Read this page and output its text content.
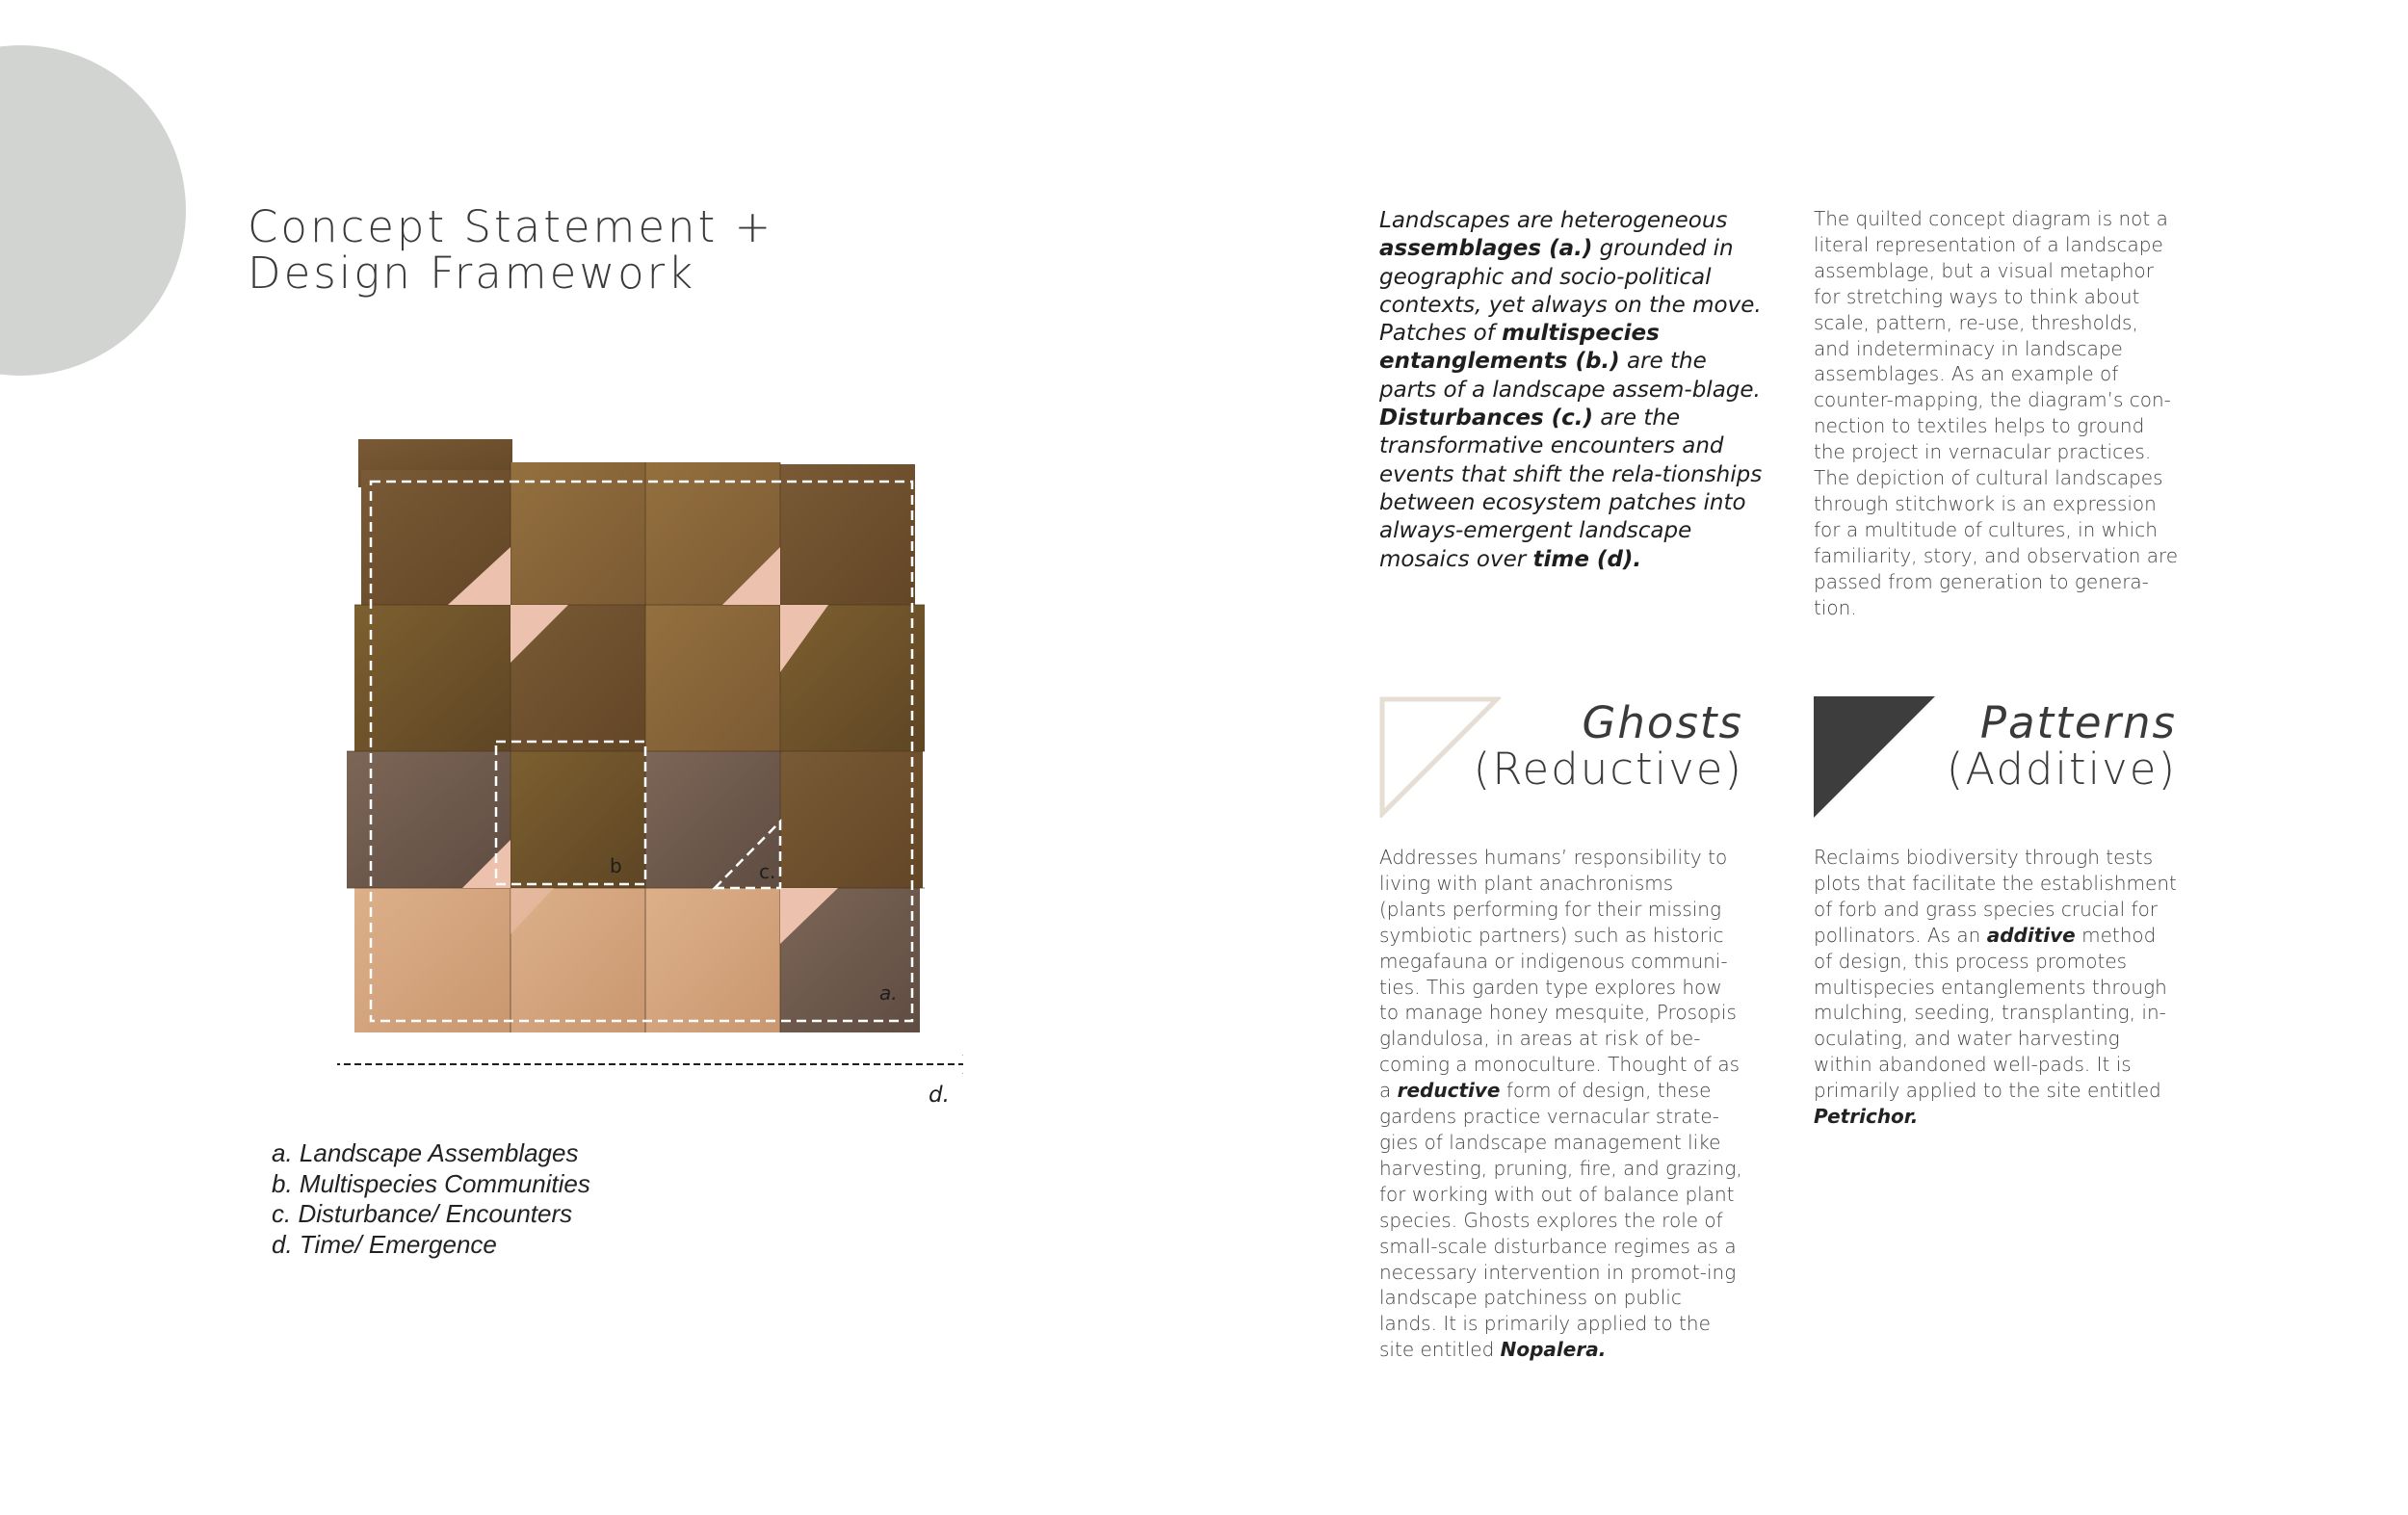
Concept Statement +
Design Framework
b	c.
a.
d.
a. Landscape Assemblages
b. Multispecies Communities
c. Disturbance/ Encounters
d. Time/ Emergence

Landscapes are heterogeneous assemblages (a.) grounded in geographic and socio-political contexts, yet always on the move. Patches of multispecies entanglements (b.) are the parts of a landscape assem-blage. Disturbances (c.) are the transformative encounters and events that shift the rela-tionships between ecosystem patches into always-emergent landscape mosaics over time (d).

The quilted concept diagram is not a literal representation of a landscape assemblage, but a visual metaphor for stretching ways to think about scale, pattern, re-use, thresholds, and indeterminacy in landscape assemblages. As an example of counter-mapping, the diagram’s con-nection to textiles helps to ground the project in vernacular practices. The depiction of cultural landscapes through stitchwork is an expression for a multitude of cultures, in which familiarity, story, and observation are passed from generation to genera-tion.

Ghosts
(Reductive)

Addresses humans’ responsibility to living with plant anachronisms (plants performing for their missing symbiotic partners) such as historic megafauna or indigenous communi-ties. This garden type explores how to manage honey mesquite, Prosopis glandulosa, in areas at risk of be-coming a monoculture. Thought of as a reductive form of design, these gardens practice vernacular strate-gies of landscape management like harvesting, pruning, fire, and grazing, for working with out of balance plant species. Ghosts explores the role of small-scale disturbance regimes as a necessary intervention in promot-ing landscape patchiness on public lands. It is primarily applied to the site entitled Nopalera.

Patterns
(Additive)

Reclaims biodiversity through tests plots that facilitate the establishment of forb and grass species crucial for pollinators. As an additive method of design, this process promotes multispecies entanglements through mulching, seeding, transplanting, in-oculating, and water harvesting within abandoned well-pads. It is primarily applied to the site entitled Petrichor.
